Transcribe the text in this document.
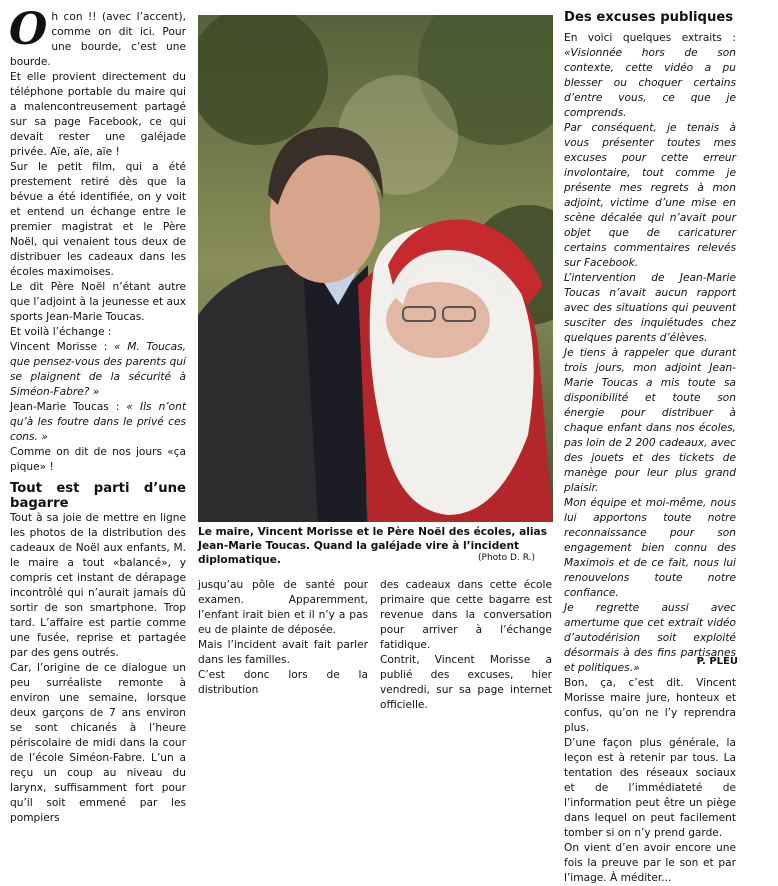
Oh con !! (avec l’accent), comme on dit ici. Pour une bourde, c’est une bourde.

Et elle provient directement du téléphone portable du maire qui a malencontreusement partagé sur sa page Facebook, ce qui devait rester une galéjade privée. Aïe, aïe, aïe !

Sur le petit film, qui a été prestement retiré dès que la bévue a été identifiée, on y voit et entend un échange entre le premier magistrat et le Père Noël, qui venaient tous deux de distribuer les cadeaux dans les écoles maximoises.

Le dit Père Noël n’étant autre que l’adjoint à la jeunesse et aux sports Jean-Marie Toucas.

Et voilà l’échange :

Vincent Morisse : « M. Toucas, que pensez-vous des parents qui se plaignent de la sécurité à Siméon-Fabre? »

Jean-Marie Toucas : « Ils n’ont qu’à les foutre dans le privé ces cons. »

Comme on dit de nos jours «ça pique» !

Tout est parti d’une bagarre

Tout à sa joie de mettre en ligne les photos de la distribution des cadeaux de Noël aux enfants, M. le maire a tout «balancé», y compris cet instant de dérapage incontrôlé qui n’aurait jamais dû sortir de son smartphone. Trop tard. L’affaire est partie comme une fusée, reprise et partagée par des gens outrés.

Car, l’origine de ce dialogue un peu surréaliste remonte à environ une semaine, lorsque deux garçons de 7 ans environ se sont chicanés à l’heure périscolaire de midi dans la cour de l’école Siméon-Fabre. L’un a reçu un coup au niveau du larynx, suffisamment fort pour qu’il soit emmené par les pompiers

Le maire, Vincent Morisse et le Père Noël des écoles, alias Jean-Marie Toucas. Quand la galéjade vire à l’incident diplomatique.	(Photo D. R.)

jusqu’au pôle de santé pour examen. Apparemment, l’enfant irait bien et il n’y a pas eu de plainte de déposée.

Mais l’incident avait fait parler dans les familles.

C’est donc lors de la distribution

des cadeaux dans cette école primaire que cette bagarre est revenue dans la conversation pour arriver à l’échange fatidique.

Contrit, Vincent Morisse a publié des excuses, hier vendredi, sur sa page internet officielle.

Des excuses publiques

En voici quelques extraits : «Visionnée hors de son contexte, cette vidéo a pu blesser ou choquer certains d’entre vous, ce que je comprends.

Par conséquent, je tenais à vous présenter toutes mes excuses pour cette erreur involontaire, tout comme je présente mes regrets à mon adjoint, victime d’une mise en scène décalée qui n’avait pour objet que de caricaturer certains commentaires relevés sur Facebook.

L’intervention de Jean-Marie Toucas n’avait aucun rapport avec des situations qui peuvent susciter des inquiétudes chez quelques parents d’élèves.

Je tiens à rappeler que durant trois jours, mon adjoint Jean-Marie Toucas a mis toute sa disponibilité et toute son énergie pour distribuer à chaque enfant dans nos écoles, pas loin de 2 200 cadeaux, avec des jouets et des tickets de manège pour leur plus grand plaisir.

Mon équipe et moi-même, nous lui apportons toute notre reconnaissance pour son engagement bien connu des Maximois et de ce fait, nous lui renouvelons toute notre confiance.

Je regrette aussi avec amertume que cet extrait vidéo d’autodérision soit exploité désormais à des fins partisanes et politiques.»

Bon, ça, c’est dit. Vincent Morisse maire jure, honteux et confus, qu’on ne l’y reprendra plus.

D’une façon plus générale, la leçon est à retenir par tous. La tentation des réseaux sociaux et de l’immédiateté de l’information peut être un piège dans lequel on peut facilement tomber si on n’y prend garde.

On vient d’en avoir encore une fois la preuve par le son et par l’image. À méditer...

P. PLEU
